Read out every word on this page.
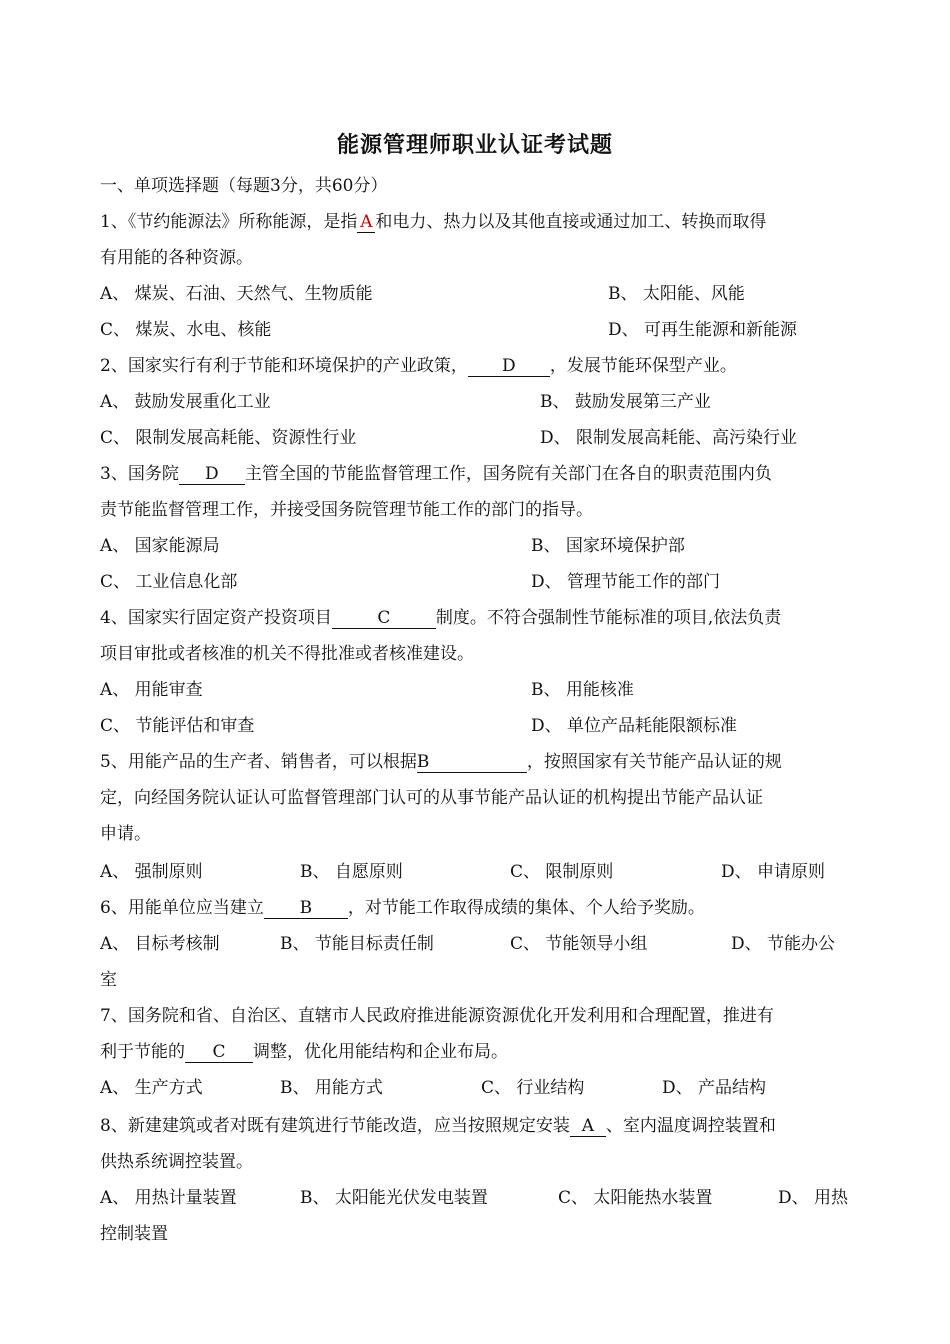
能源管理师职业认证考试题
一、单项选择题（每题3分，共60分）
1、《节约能源法》所称能源，是指 A 和电力、热力以及其他直接或通过加工、转换而取得
有用能的各种资源。
A、 煤炭、石油、天然气、生物质能	B、 太阳能、风能
C、 煤炭、水电、核能	D、 可再生能源和新能源
2、国家实行有利于节能和环境保护的产业政策， D ，发展节能环保型产业。
A、 鼓励发展重化工业	B、 鼓励发展第三产业
C、 限制发展高耗能、资源性行业	D、 限制发展高耗能、高污染行业
3、国务院 D 主管全国的节能监督管理工作，国务院有关部门在各自的职责范围内负
责节能监督管理工作，并接受国务院管理节能工作的部门的指导。
A、 国家能源局	B、 国家环境保护部
C、 工业信息化部	D、 管理节能工作的部门
4、国家实行固定资产投资项目	C	制度。不符合强制性节能标准的项目,依法负责
项目审批或者核准的机关不得批准或者核准建设。
A、 用能审查	B、 用能核准
C、 节能评估和审查	D、 单位产品耗能限额标准
5、用能产品的生产者、销售者，可以根据B	，按照国家有关节能产品认证的规
定，向经国务院认证认可监督管理部门认可的从事节能产品认证的机构提出节能产品认证
申请。
A、 强制原则	B、 自愿原则	C、 限制原则	D、 申请原则
6、用能单位应当建立 B ，对节能工作取得成绩的集体、个人给予奖励。
A、 目标考核制	B、 节能目标责任制	C、 节能领导小组	D、 节能办公
室
7、国务院和省、自治区、直辖市人民政府推进能源资源优化开发利用和合理配置，推进有
利于节能的 C 调整，优化用能结构和企业布局。
A、 生产方式	B、 用能方式	C、 行业结构	D、 产品结构
8、新建建筑或者对既有建筑进行节能改造，应当按照规定安装 A 、室内温度调控装置和
供热系统调控装置。
A、 用热计量装置	B、 太阳能光伏发电装置	C、 太阳能热水装置	D、 用热
控制装置
